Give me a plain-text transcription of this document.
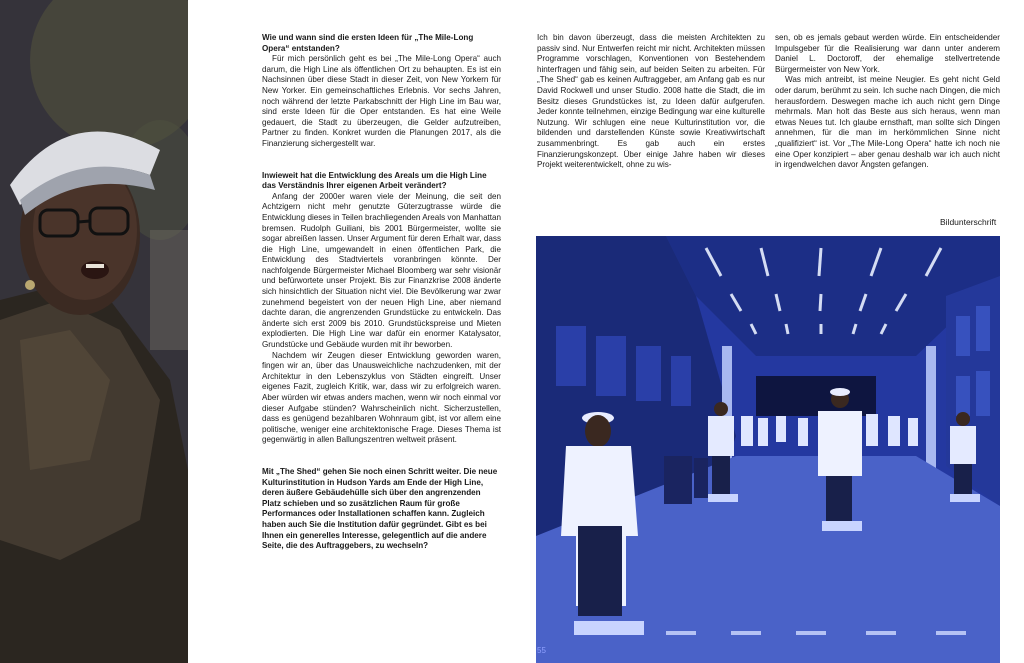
Wie und wann sind die ersten Ideen für „The Mile-Long Opera“ entstanden?

Für mich persönlich geht es bei „The Mile-Long Opera“ auch darum, die High Line als öffentlichen Ort zu behaupten. Es ist ein Nachsinnen über diese Stadt in dieser Zeit, von New Yorkern für New Yorker. Ein gemeinschaftliches Erlebnis. Vor sechs Jahren, noch während der letzte Parkabschnitt der High Line im Bau war, sind erste Ideen für die Oper entstanden. Es hat eine Weile gedauert, die Stadt zu überzeugen, die Gelder aufzutreiben, Partner zu finden. Konkret wurden die Planungen 2017, als die Finanzierung sichergestellt war.

Inwieweit hat die Entwicklung des Areals um die High Line das Verständnis Ihrer eigenen Arbeit verändert?

Anfang der 2000er waren viele der Meinung, die seit den Achtzigern nicht mehr genutzte Güterzugtrasse würde die Entwicklung dieses in Teilen brachliegenden Areals von Manhattan bremsen. Rudolph Guiliani, bis 2001 Bürgermeister, wollte sie sogar abreißen lassen. Unser Argument für deren Erhalt war, dass die High Line, umgewandelt in einen öffentlichen Park, die Entwicklung des Stadtviertels voranbringen könnte. Der nachfolgende Bürgermeister Michael Bloomberg war sehr visionär und befürwortete unser Projekt. Bis zur Finanzkrise 2008 änderte sich hinsichtlich der Situation nicht viel. Die Bevölkerung war zwar zunehmend begeistert von der neuen High Line, aber niemand dachte daran, die angrenzenden Grundstücke zu entwickeln. Das änderte sich erst 2009 bis 2010. Grundstückspreise und Mieten explodierten. Die High Line war dafür ein enormer Katalysator, Grundstücke und Gebäude wurden mit ihr beworben.

Nachdem wir Zeugen dieser Entwicklung geworden waren, fingen wir an, über das Unausweichliche nachzudenken, mit der Architektur in den Lebenszyklus von Städten eingreift. Unser eigenes Fazit, zugleich Kritik, war, dass wir zu erfolgreich waren. Aber würden wir etwas anders machen, wenn wir noch einmal vor dieser Aufgabe stünden? Wahrscheinlich nicht. Sicherzustellen, dass es genügend bezahlbaren Wohnraum gibt, ist vor allem eine politische, weniger eine architektonische Frage. Dieses Thema ist gegenwärtig in allen Ballungszentren weltweit präsent.

Mit „The Shed“ gehen Sie noch einen Schritt weiter. Die neue Kulturinstitution in Hudson Yards am Ende der High Line, deren äußere Gebäudehülle sich über den angrenzenden Platz schieben und so zusätzlichen Raum für große Performances oder Installationen schaffen kann. Zugleich haben auch Sie die Institution dafür gegründet. Gibt es bei Ihnen ein generelles Interesse, gelegentlich auf die andere Seite, die des Auftraggebers, zu wechseln?

Ich bin davon überzeugt, dass die meisten Architekten zu passiv sind. Nur Entwerfen reicht mir nicht. Architekten müssen Programme vorschlagen, Konventionen von Bestehendem hinterfragen und fähig sein, auf beiden Seiten zu arbeiten. Für „The Shed“ gab es keinen Auftraggeber, am Anfang gab es nur David Rockwell und unser Studio. 2008 hatte die Stadt, die im Besitz dieses Grundstückes ist, zu Ideen dafür aufgerufen. Jeder konnte teilnehmen, einzige Bedingung war eine kulturelle Nutzung. Wir schlugen eine neue Kulturinstitution vor, die bildenden und darstellenden Künste sowie Kreativwirtschaft zusammenbringt. Es gab auch ein erstes Finanzierungskonzept. Über einige Jahre haben wir dieses Projekt weiterentwickelt, ohne zu wis-

sen, ob es jemals gebaut werden würde. Ein entscheidender Impulsgeber für die Realisierung war dann unter anderem Daniel L. Doctoroff, der ehemalige stellvertretende Bürgermeister von New York.

Was mich antreibt, ist meine Neugier. Es geht nicht Geld oder darum, berühmt zu sein. Ich suche nach Dingen, die mich herausfordern. Deswegen mache ich auch nicht gern Dinge mehrmals. Man holt das Beste aus sich heraus, wenn man etwas Neues tut. Ich glaube ernsthaft, man sollte sich Dingen annehmen, für die man im herkömmlichen Sinne nicht „qualifiziert“ ist. Vor „The Mile-Long Opera“ hatte ich noch nie eine Oper konzipiert – aber genau deshalb war ich auch nicht in irgendwelchen davor Ängsten gefangen.

Bildunterschrift
55
